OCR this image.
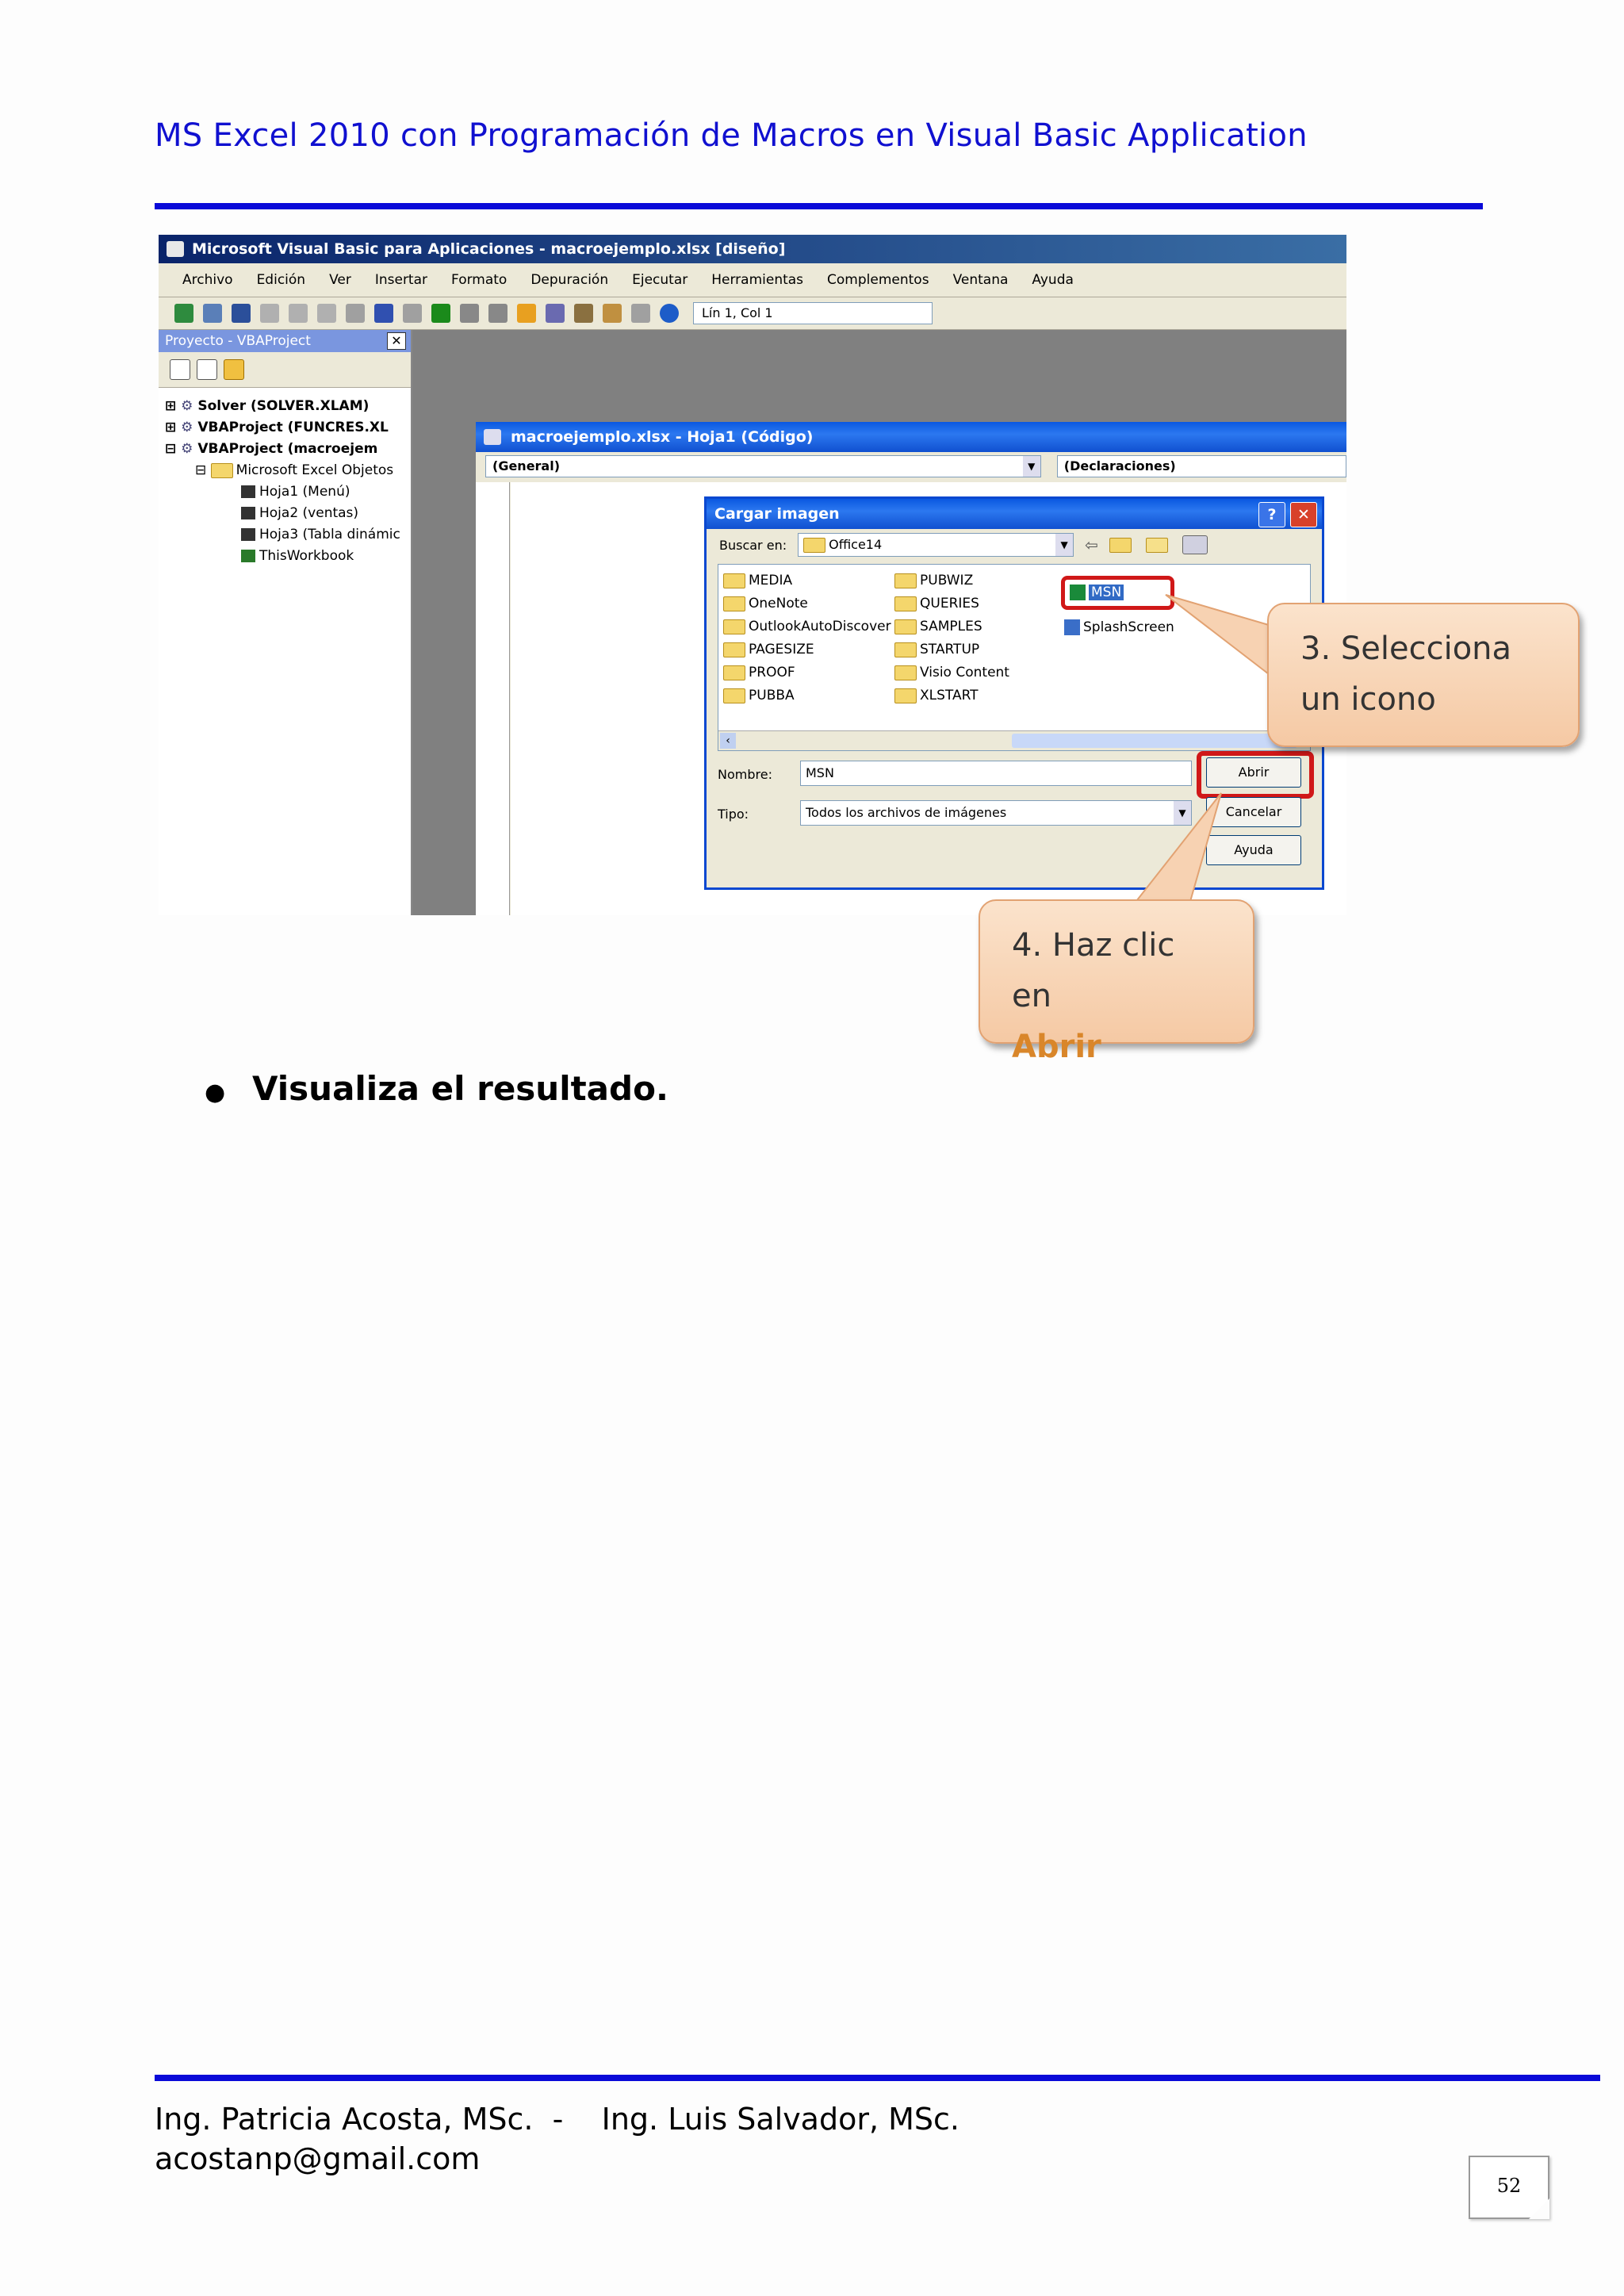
MS Excel 2010 con Programación de Macros en Visual Basic Application
Microsoft Visual Basic para Aplicaciones - macroejemplo.xlsx [diseño]
Archivo Edición Ver Insertar Formato Depuración Ejecutar Herramientas Complementos Ventana Ayuda
Lín 1, Col 1
Proyecto - VBAProject	✕
⊞ ⚙ Solver (SOLVER.XLAM)
⊞ ⚙ VBAProject (FUNCRES.XL
⊟ ⚙ VBAProject (macroejem
⊟ Microsoft Excel Objetos
Hoja1 (Menú)
Hoja2 (ventas)
Hoja3 (Tabla dinámic
ThisWorkbook
macroejemplo.xlsx - Hoja1 (Código)
(General)	▼	(Declaraciones)
Cargar imagen	?	✕
Buscar en:	Office14	▼	⇦
MEDIA
OneNote
OutlookAutoDiscover
PAGESIZE
PROOF
PUBBA
PUBWIZ
QUERIES
SAMPLES
STARTUP
Visio Content
XLSTART
MSN
SplashScreen
‹
Nombre:	MSN
Tipo:	Todos los archivos de imágenes	▼
Abrir
Cancelar
Ayuda
3. Selecciona
un icono
4. Haz clic en
Abrir
● Visualiza el resultado.
Ing. Patricia Acosta, MSc.  -    Ing. Luis Salvador, MSc.
acostanp@gmail.com
52
